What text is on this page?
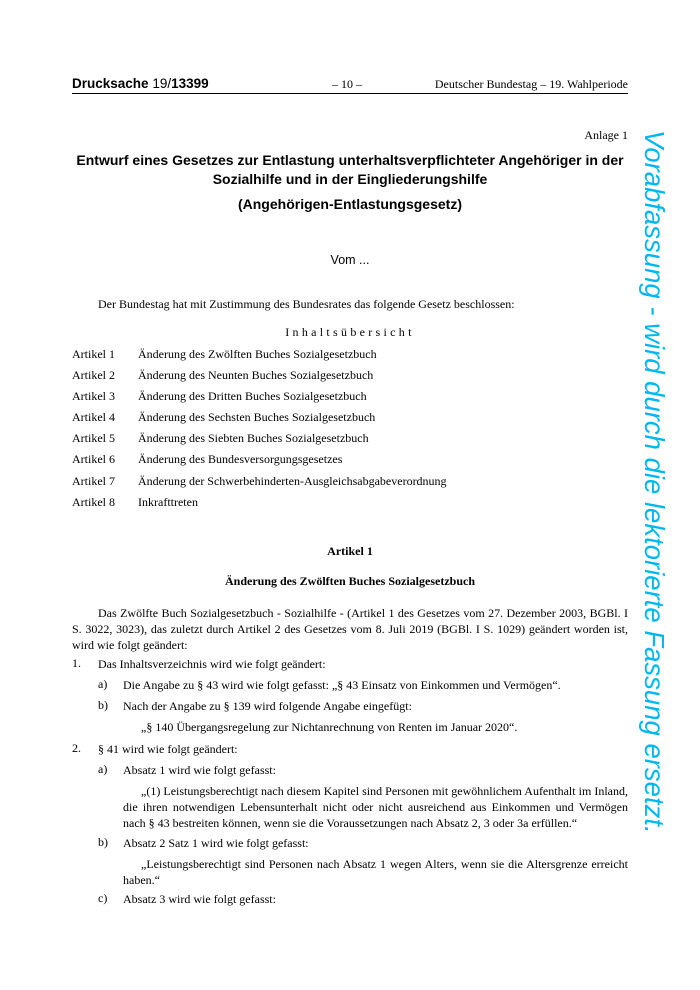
Drucksache 19/13399	– 10 –	Deutscher Bundestag – 19. Wahlperiode
Anlage 1
Entwurf eines Gesetzes zur Entlastung unterhaltsverpflichteter Angehöriger in der Sozialhilfe und in der Eingliederungshilfe
(Angehörigen-Entlastungsgesetz)
Vom ...
Der Bundestag hat mit Zustimmung des Bundesrates das folgende Gesetz beschlossen:
Inhaltsübersicht
Artikel 1	Änderung des Zwölften Buches Sozialgesetzbuch
Artikel 2	Änderung des Neunten Buches Sozialgesetzbuch
Artikel 3	Änderung des Dritten Buches Sozialgesetzbuch
Artikel 4	Änderung des Sechsten Buches Sozialgesetzbuch
Artikel 5	Änderung des Siebten Buches Sozialgesetzbuch
Artikel 6	Änderung des Bundesversorgungsgesetzes
Artikel 7	Änderung der Schwerbehinderten-Ausgleichsabgabeverordnung
Artikel 8	Inkrafttreten
Artikel 1
Änderung des Zwölften Buches Sozialgesetzbuch
Das Zwölfte Buch Sozialgesetzbuch - Sozialhilfe - (Artikel 1 des Gesetzes vom 27. Dezember 2003, BGBl. I S. 3022, 3023), das zuletzt durch Artikel 2 des Gesetzes vom 8. Juli 2019 (BGBl. I S. 1029) geändert worden ist, wird wie folgt geändert:
1. Das Inhaltsverzeichnis wird wie folgt geändert:
a) Die Angabe zu § 43 wird wie folgt gefasst: „§ 43 Einsatz von Einkommen und Vermögen“.
b) Nach der Angabe zu § 139 wird folgende Angabe eingefügt:
„§ 140 Übergangsregelung zur Nichtanrechnung von Renten im Januar 2020“.
2. § 41 wird wie folgt geändert:
a) Absatz 1 wird wie folgt gefasst:
„(1) Leistungsberechtigt nach diesem Kapitel sind Personen mit gewöhnlichem Aufenthalt im Inland, die ihren notwendigen Lebensunterhalt nicht oder nicht ausreichend aus Einkommen und Vermögen nach § 43 bestreiten können, wenn sie die Voraussetzungen nach Absatz 2, 3 oder 3a erfüllen.“
b) Absatz 2 Satz 1 wird wie folgt gefasst:
„Leistungsberechtigt sind Personen nach Absatz 1 wegen Alters, wenn sie die Altersgrenze erreicht haben.“
c) Absatz 3 wird wie folgt gefasst:
Vorabfassung - wird durch die lektorierte Fassung ersetzt.
